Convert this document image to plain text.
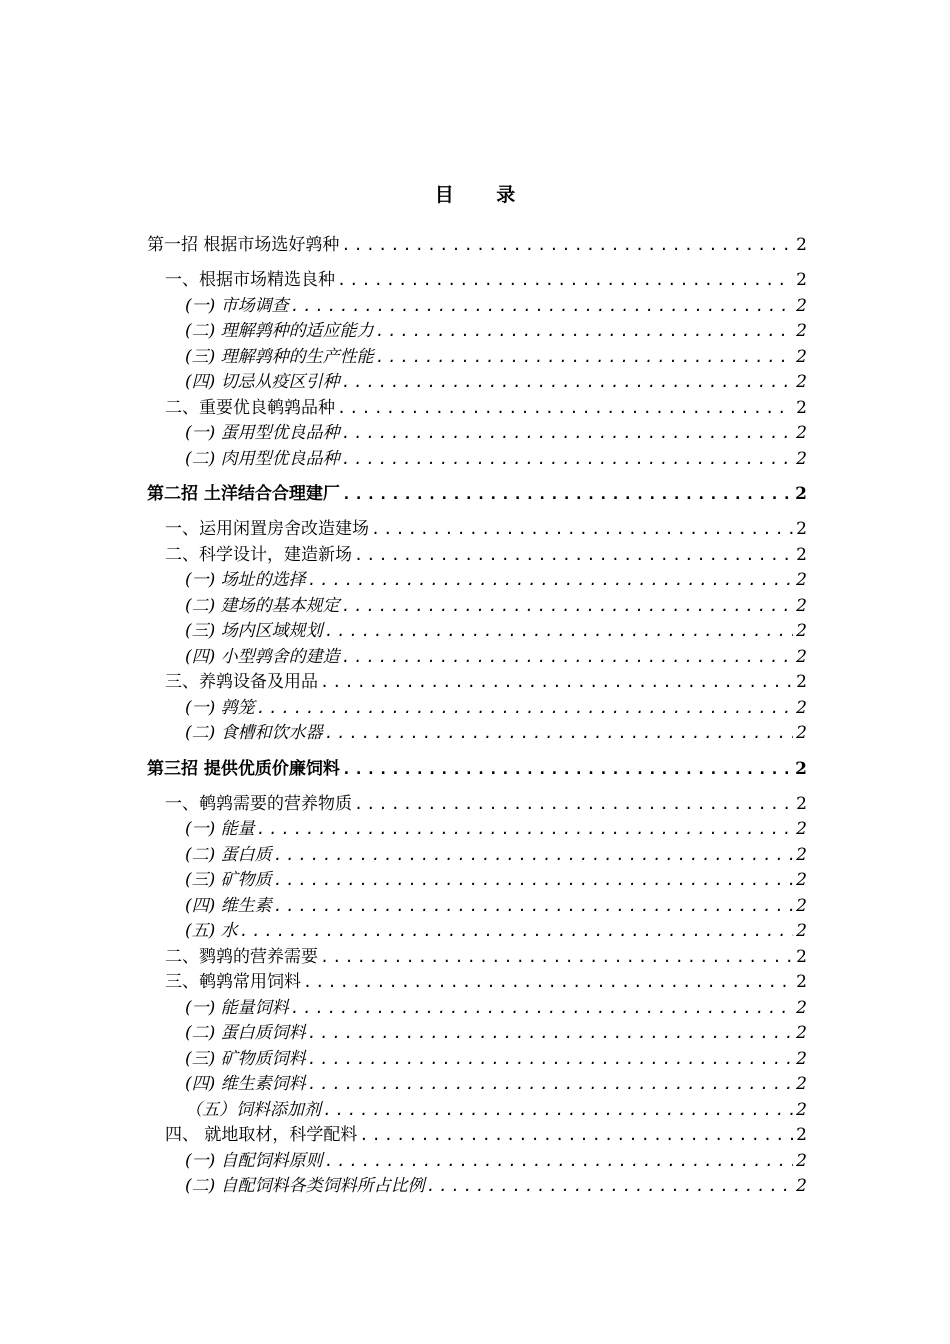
目 录
第一招 根据市场选好鹑种 .....	2
一、根据市场精选良种 .....	2
(一) 市场调查 .....	2
(二) 理解鹑种的适应能力 .....	2
(三) 理解鹑种的生产性能 .....	2
(四) 切忌从疫区引种 .....	2
二、重要优良鹌鹑品种 .....	2
(一) 蛋用型优良品种 .....	2
(二) 肉用型优良品种 .....	2
第二招 土洋结合合理建厂 .....	2
一、运用闲置房舍改造建场 .....	2
二、科学设计，建造新场 .....	2
(一) 场址的选择 .....	2
(二) 建场的基本规定 .....	2
(三) 场内区域规划 .....	2
(四) 小型鹑舍的建造 .....	2
三、养鹑设备及用品 .....	2
(一) 鹑笼 .....	2
(二) 食槽和饮水器 .....	2
第三招 提供优质价廉饲料 .....	2
一、鹌鹑需要的营养物质 .....	2
(一) 能量 .....	2
(二) 蛋白质 .....	2
(三) 矿物质 .....	2
(四) 维生素 .....	2
(五) 水 .....	2
二、鹨鹑的营养需要 .....	2
三、鹌鹑常用饲料 .....	2
(一) 能量饲料 .....	2
(二) 蛋白质饲料 .....	2
(三) 矿物质饲料 .....	2
(四) 维生素饲料 .....	2
（五）饲料添加剂 .....	2
四、 就地取材，科学配料 .....	2
(一) 自配饲料原则 .....	2
(二) 自配饲料各类饲料所占比例 .....	2
